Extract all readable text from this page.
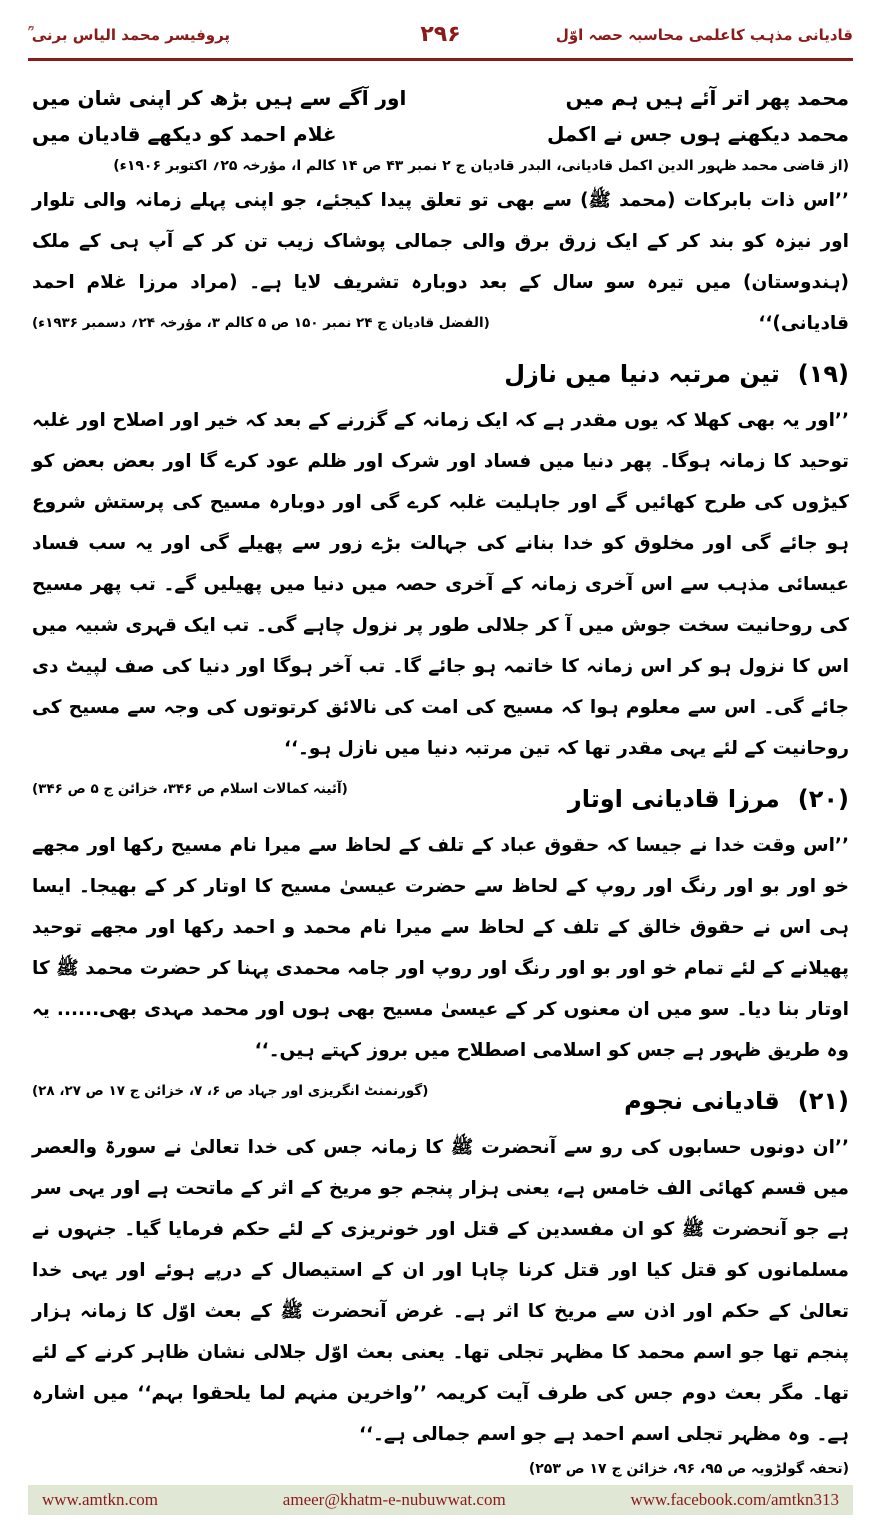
قادیانی مذہب کاعلمی محاسبہ حصہ اوّل
۲۹۶
پروفیسر محمد الیاس برنی ؒ
محمد پھر اتر آئے ہیں ہم میں
اور آگے سے ہیں بڑھ کر اپنی شان میں
محمد دیکھنے ہوں جس نے اکمل
غلام احمد کو دیکھے قادیان میں

(از قاضی محمد ظہور الدین اکمل قادیانی، البدر قادیان ج ۲ نمبر ۴۳ ص ۱۴ کالم ا، مؤرخہ ۲۵؍ اکتوبر ۱۹۰۶ء)

’’اس ذات بابرکات (محمد ﷺ) سے بھی تو تعلق پیدا کیجئے، جو اپنی پہلے زمانہ والی تلوار اور نیزہ کو بند کر کے ایک زرق برق والی جمالی پوشاک زیب تن کر کے آپ ہی کے ملک (ہندوستان) میں تیرہ سو سال کے بعد دوبارہ تشریف لایا ہے۔ (مراد مرزا غلام احمد قادیانی)‘‘
(الفضل قادیان ج ۲۴ نمبر ۱۵۰ ص ۵ کالم ۳، مؤرخہ ۲۴؍ دسمبر ۱۹۳۶ء)

(۱۹)تین مرتبہ دنیا میں نازل

’’اور یہ بھی کھلا کہ یوں مقدر ہے کہ ایک زمانہ کے گزرنے کے بعد کہ خیر اور اصلاح اور غلبہ توحید کا زمانہ ہوگا۔ پھر دنیا میں فساد اور شرک اور ظلم عود کرے گا اور بعض بعض کو کیڑوں کی طرح کھائیں گے اور جاہلیت غلبہ کرے گی اور دوبارہ مسیح کی پرستش شروع ہو جائے گی اور مخلوق کو خدا بنانے کی جہالت بڑے زور سے پھیلے گی اور یہ سب فساد عیسائی مذہب سے اس آخری زمانہ کے آخری حصہ میں دنیا میں پھیلیں گے۔ تب پھر مسیح کی روحانیت سخت جوش میں آ کر جلالی طور پر نزول چاہے گی۔ تب ایک قہری شبیہ میں اس کا نزول ہو کر اس زمانہ کا خاتمہ ہو جائے گا۔ تب آخر ہوگا اور دنیا کی صف لپیٹ دی جائے گی۔ اس سے معلوم ہوا کہ مسیح کی امت کی نالائق کرتوتوں کی وجہ سے مسیح کی روحانیت کے لئے یہی مقدر تھا کہ تین مرتبہ دنیا میں نازل ہو۔‘‘
(آئینہ کمالات اسلام ص ۳۴۶، خزائن ج ۵ ص ۳۴۶)	(۲۰)مرزا قادیانی اوتار

’’اس وقت خدا نے جیسا کہ حقوق عباد کے تلف کے لحاظ سے میرا نام مسیح رکھا اور مجھے خو اور بو اور رنگ اور روپ کے لحاظ سے حضرت عیسیٰ مسیح کا اوتار کر کے بھیجا۔ ایسا ہی اس نے حقوق خالق کے تلف کے لحاظ سے میرا نام محمد و احمد رکھا اور مجھے توحید پھیلانے کے لئے تمام خو اور بو اور رنگ اور روپ اور جامہ محمدی پہنا کر حضرت محمد ﷺ کا اوتار بنا دیا۔ سو میں ان معنوں کر کے عیسیٰ مسیح بھی ہوں اور محمد مہدی بھی...... یہ وہ طریق ظہور ہے جس کو اسلامی اصطلاح میں بروز کہتے ہیں۔‘‘
(گورنمنٹ انگریزی اور جہاد ص ۶، ۷، خزائن ج ۱۷ ص ۲۷، ۲۸)	(۲۱)قادیانی نجوم

’’ان دونوں حسابوں کی رو سے آنحضرت ﷺ کا زمانہ جس کی خدا تعالیٰ نے سورۃ والعصر میں قسم کھائی الف خامس ہے، یعنی ہزار پنجم جو مریخ کے اثر کے ماتحت ہے اور یہی سر ہے جو آنحضرت ﷺ کو ان مفسدین کے قتل اور خونریزی کے لئے حکم فرمایا گیا۔ جنہوں نے مسلمانوں کو قتل کیا اور قتل کرنا چاہا اور ان کے استیصال کے درپے ہوئے اور یہی خدا تعالیٰ کے حکم اور اذن سے مریخ کا اثر ہے۔ غرض آنحضرت ﷺ کے بعث اوّل کا زمانہ ہزار پنجم تھا جو اسم محمد کا مظہر تجلی تھا۔ یعنی بعث اوّل جلالی نشان ظاہر کرنے کے لئے تھا۔ مگر بعث دوم جس کی طرف آیت کریمہ ’’واخرین منہم لما یلحقوا بہم‘‘ میں اشارہ ہے۔ وہ مظہر تجلی اسم احمد ہے جو اسم جمالی ہے۔‘‘

(تحفہ گولڑویہ ص ۹۵، ۹۶، خزائن ج ۱۷ ص ۲۵۳)

www.amtkn.com	ameer@khatm-e-nubuwwat.com	www.facebook.com/amtkn313
